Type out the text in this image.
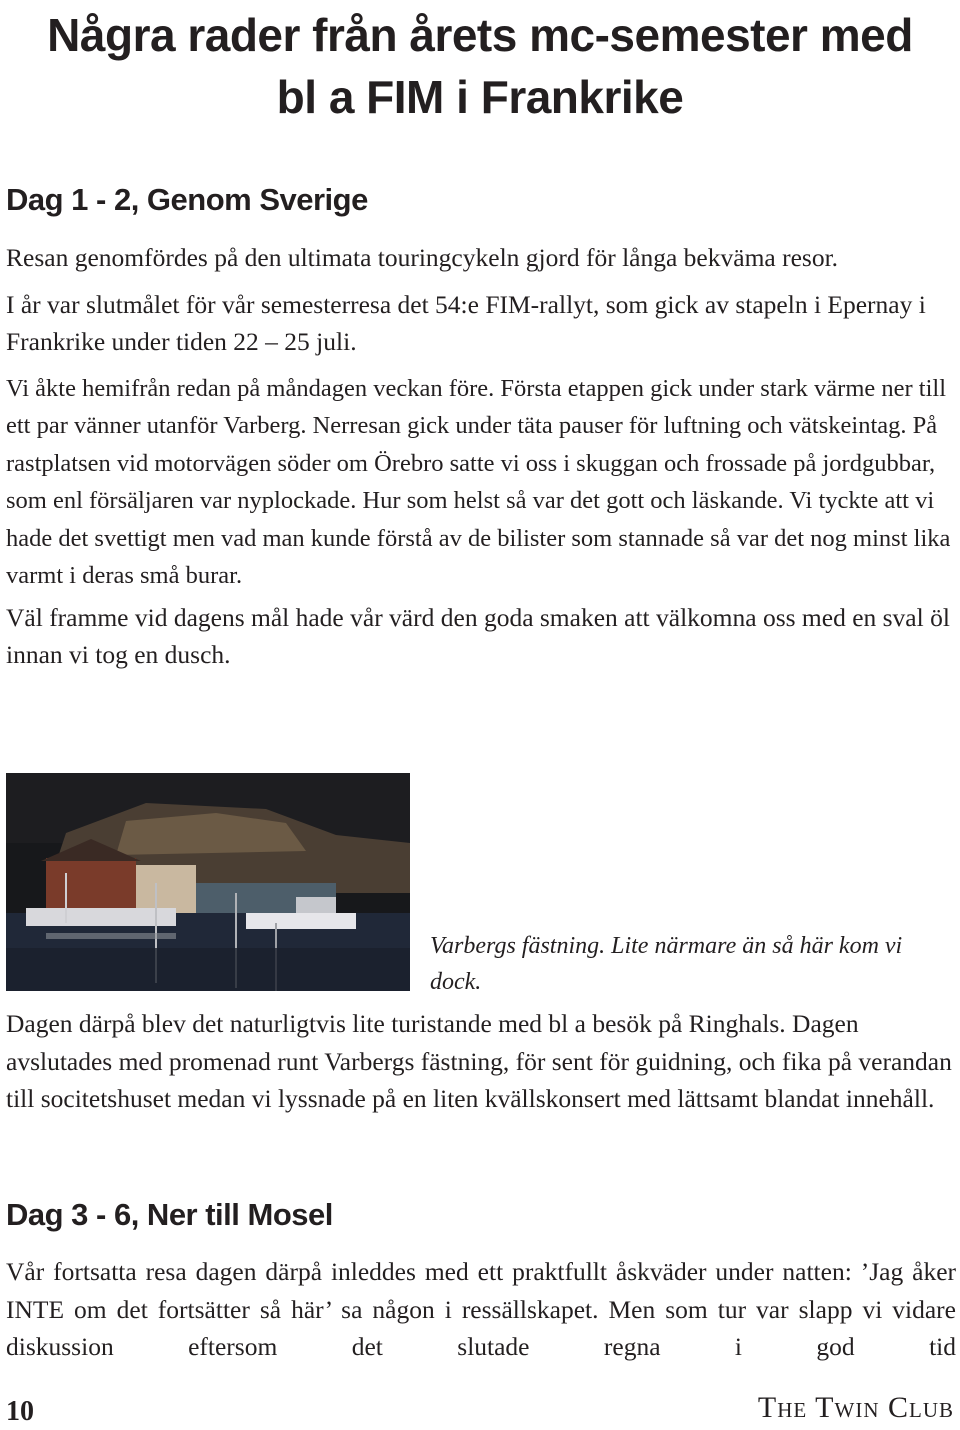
Några rader från årets mc-semester med
bl a FIM i Frankrike
Dag 1 - 2, Genom Sverige

Resan genomfördes på den ultimata touringcykeln gjord för långa bekväma resor.

I år var slutmålet för vår semesterresa det 54:e FIM-rallyt, som gick av stapeln i Epernay i Frankrike under tiden 22 – 25 juli.

Vi åkte hemifrån redan på måndagen veckan före. Första etappen gick under stark värme ner till ett par vänner utanför Varberg. Nerresan gick under täta pauser för luftning och vätskeintag. På rastplatsen vid motorvägen söder om Örebro satte vi oss i skuggan och frossade på jordgubbar, som enl försäljaren var nyplockade. Hur som helst så var det gott och läskande. Vi tyckte att vi hade det svettigt men vad man kunde förstå av de bilister som stannade så var det nog minst lika varmt i deras små burar.

Väl framme vid dagens mål hade vår värd den goda smaken att välkomna oss med en sval öl innan vi tog en dusch.

Varbergs fästning. Lite närmare än så här kom vi dock.

Dagen därpå blev det naturligtvis lite turistande med bl a besök på Ringhals. Dagen avslutades med promenad runt Varbergs fästning, för sent för guidning, och fika på verandan till socitetshuset medan vi lyssnade på en liten kvällskonsert med lättsamt blandat innehåll.

Dag 3 - 6, Ner till Mosel

Vår fortsatta resa dagen därpå inleddes med ett praktfullt åskväder under natten: ’Jag åker INTE om det fortsätter så här’ sa någon i ressällskapet. Men som tur var slapp vi vidare diskussion eftersom det slutade regna i god tid

10	The Twin Club
